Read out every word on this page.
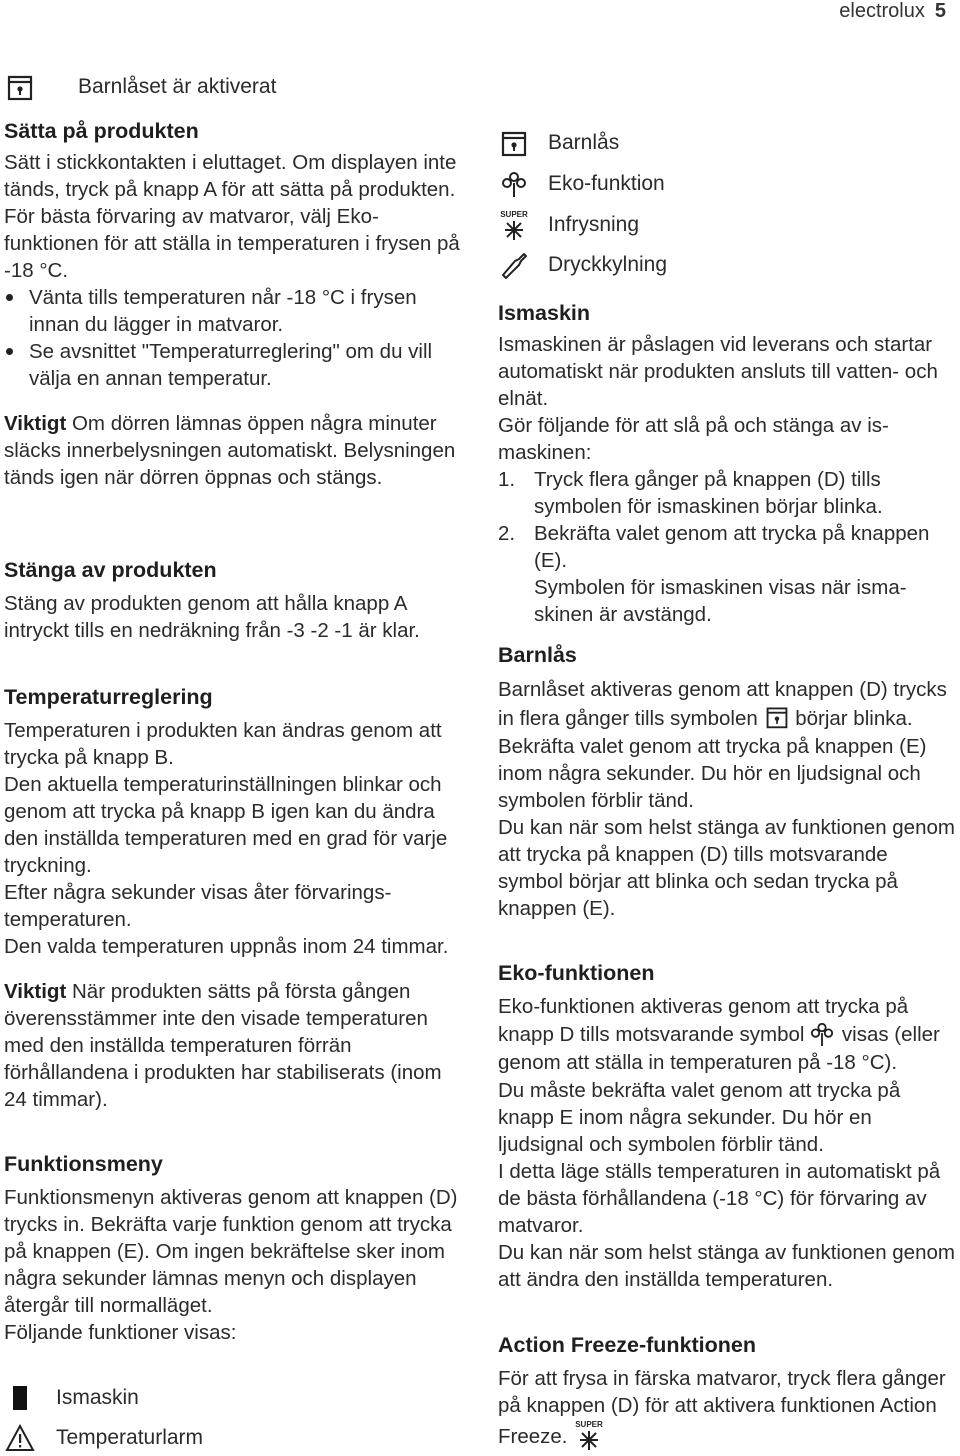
electrolux 5
Barnlåset är aktiverat
Sätta på produkten

Sätt i stickkontakten i eluttaget. Om displayen inte tänds, tryck på knapp A för att sätta på produkten. För bästa förvaring av matvaror, välj Ekofunktionen för att ställa in temperaturen i frysen på -18 °C.

Vänta tills temperaturen når -18 °C i frysen innan du lägger in matvaror.
Se avsnittet "Temperaturreglering" om du vill välja en annan temperatur.

Viktigt Om dörren lämnas öppen några minuter släcks innerbelysningen automatiskt. Belysningen tänds igen när dörren öppnas och stängs.

Stänga av produkten

Stäng av produkten genom att hålla knapp A intryckt tills en nedräkning från -3 -2 -1 är klar.

Temperaturreglering

Temperaturen i produkten kan ändras genom att trycka på knapp B.

Den aktuella temperaturinställningen blinkar och genom att trycka på knapp B igen kan du ändra den inställda temperaturen med en grad för varje tryckning.

Efter några sekunder visas åter förvaringstemperaturen.

Den valda temperaturen uppnås inom 24 timmar.

Viktigt När produkten sätts på första gången överensstämmer inte den visade temperaturen med den inställda temperaturen förrän förhållandena i produkten har stabiliserats (inom 24 timmar).

Funktionsmeny

Funktionsmenyn aktiveras genom att knappen (D) trycks in. Bekräfta varje funktion genom att trycka på knappen (E). Om ingen bekräftelse sker inom några sekunder lämnas menyn och displayen återgår till normalläget.

Följande funktioner visas:

Ismaskin
Temperaturlarm
Barnlås
Eko-funktion
SUPER Infrysning
Dryckkylning
Ismaskin

Ismaskinen är påslagen vid leverans och startar automatiskt när produkten ansluts till vatten- och elnät.

Gör följande för att slå på och stänga av ismaskinen:

1. Tryck flera gånger på knappen (D) tills symbolen för ismaskinen börjar blinka.
2. Bekräfta valet genom att trycka på knappen (E).
Symbolen för ismaskinen visas när ismaskinen är avstängd.
Barnlås

Barnlåset aktiveras genom att knappen (D) trycks in flera gånger tills symbolen börjar blinka.

Bekräfta valet genom att trycka på knappen (E) inom några sekunder. Du hör en ljudsignal och symbolen förblir tänd.

Du kan när som helst stänga av funktionen genom att trycka på knappen (D) tills motsvarande symbol börjar att blinka och sedan trycka på knappen (E).

Eko-funktionen

Eko-funktionen aktiveras genom att trycka på knapp D tills motsvarande symbol visas (eller genom att ställa in temperaturen på -18 °C).

Du måste bekräfta valet genom att trycka på knapp E inom några sekunder. Du hör en ljudsignal och symbolen förblir tänd.

I detta läge ställs temperaturen in automatiskt på de bästa förhållandena (-18 °C) för förvaring av matvaror.

Du kan när som helst stänga av funktionen genom att ändra den inställda temperaturen.

Action Freeze-funktionen

För att frysa in färska matvaror, tryck flera gånger på knappen (D) för att aktivera funktionen Action Freeze.
SUPER
